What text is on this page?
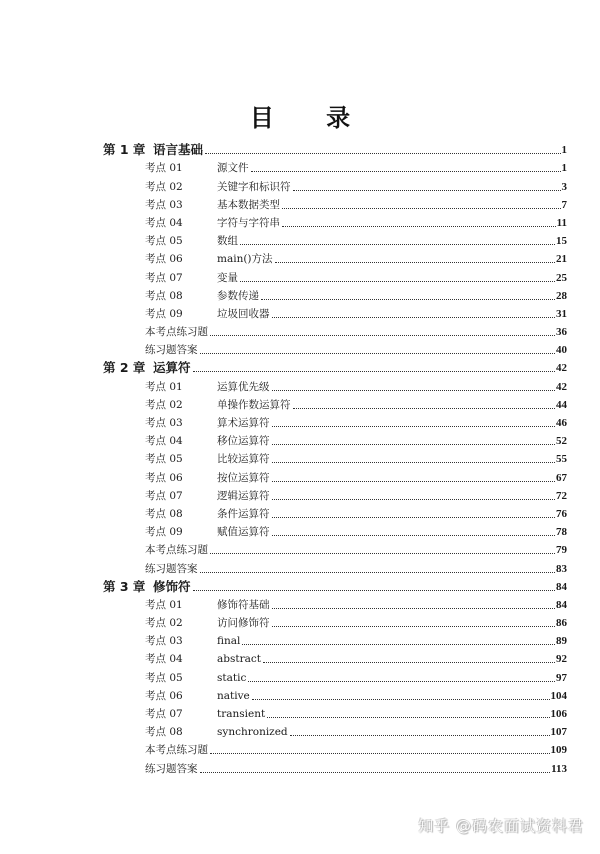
目 录
第 1 章 语言基础	1
考点 01	源文件	1
考点 02	关键字和标识符	3
考点 03	基本数据类型	7
考点 04	字符与字符串	11
考点 05	数组	15
考点 06	main()方法	21
考点 07	变量	25
考点 08	参数传递	28
考点 09	垃圾回收器	31
本考点练习题	36
练习题答案	40
第 2 章 运算符	42
考点 01	运算优先级	42
考点 02	单操作数运算符	44
考点 03	算术运算符	46
考点 04	移位运算符	52
考点 05	比较运算符	55
考点 06	按位运算符	67
考点 07	逻辑运算符	72
考点 08	条件运算符	76
考点 09	赋值运算符	78
本考点练习题	79
练习题答案	83
第 3 章 修饰符	84
考点 01	修饰符基础	84
考点 02	访问修饰符	86
考点 03	final	89
考点 04	abstract	92
考点 05	static	97
考点 06	native	104
考点 07	transient	106
考点 08	synchronized	107
本考点练习题	109
练习题答案	113
知乎 @码农面试资料君
